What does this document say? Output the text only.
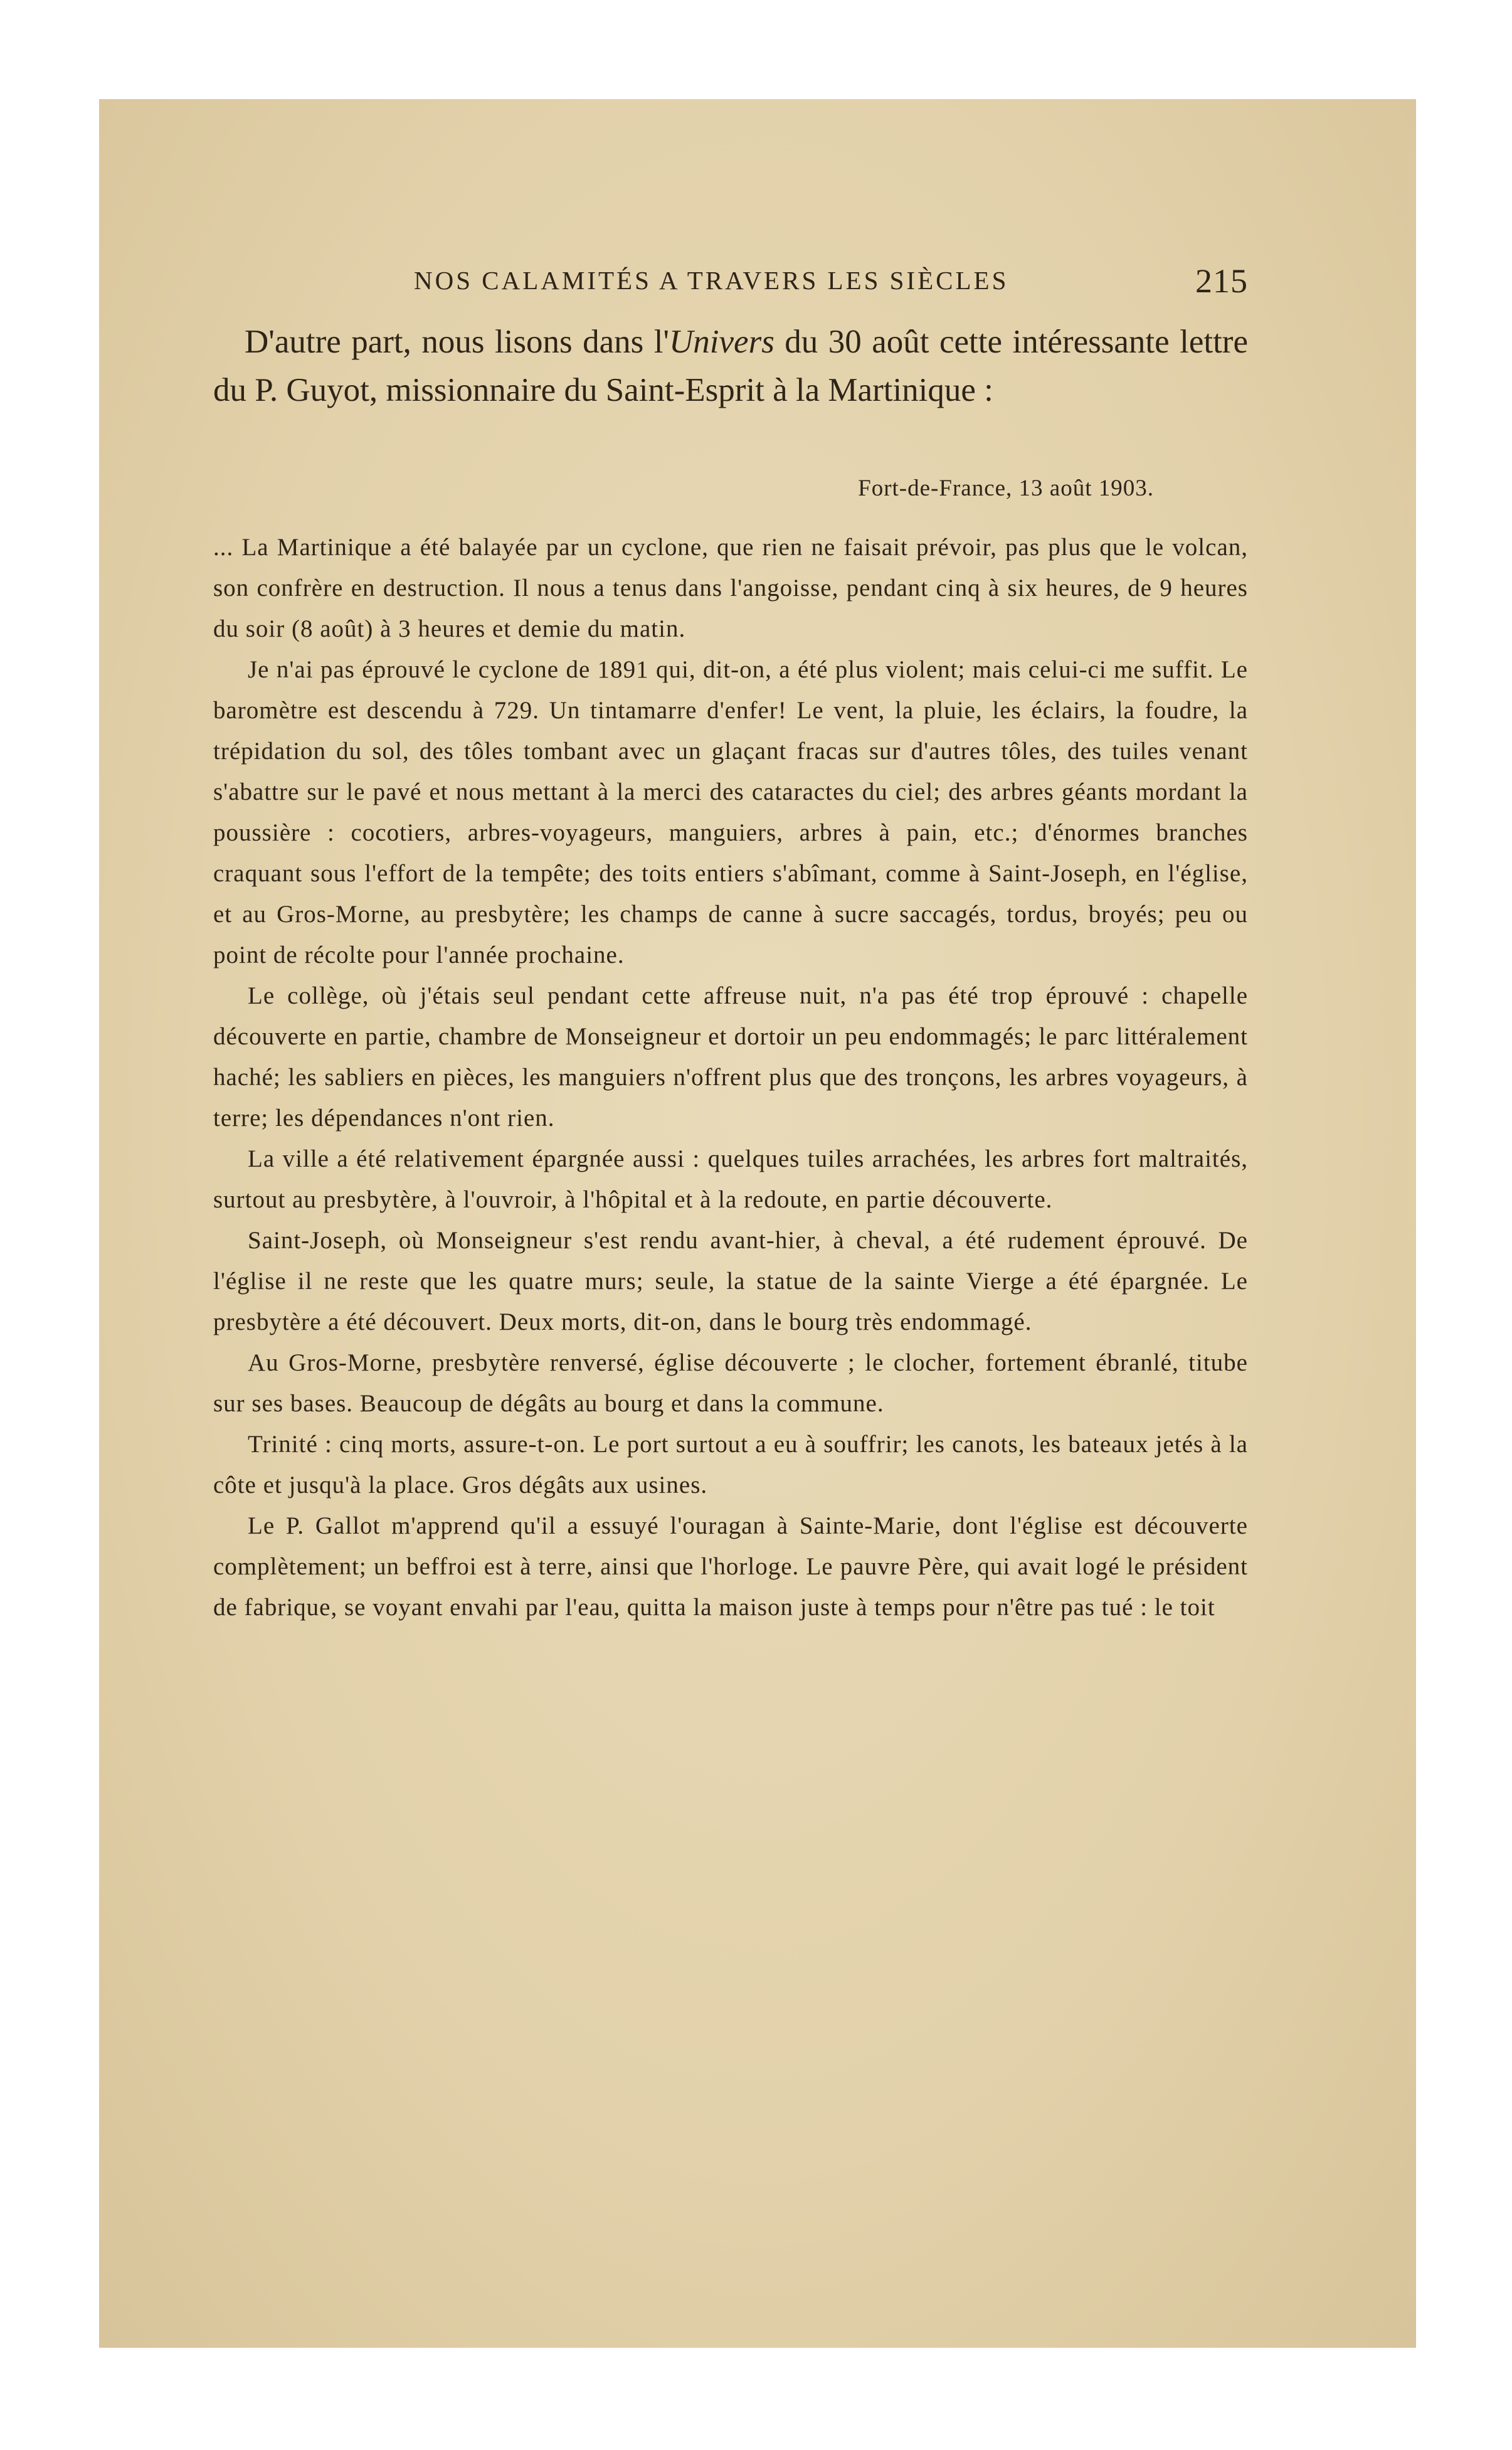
NOS CALAMITÉS A TRAVERS LES SIÈCLES	215
D'autre part, nous lisons dans l'Univers du 30 août cette intéressante lettre du P. Guyot, missionnaire du Saint-Esprit à la Martinique :
Fort-de-France, 13 août 1903.

... La Martinique a été balayée par un cyclone, que rien ne faisait prévoir, pas plus que le volcan, son confrère en destruction. Il nous a tenus dans l'angoisse, pendant cinq à six heures, de 9 heures du soir (8 août) à 3 heures et demie du matin.

Je n'ai pas éprouvé le cyclone de 1891 qui, dit-on, a été plus violent; mais celui-ci me suffit. Le baromètre est descendu à 729. Un tintamarre d'enfer! Le vent, la pluie, les éclairs, la foudre, la trépidation du sol, des tôles tombant avec un glaçant fracas sur d'autres tôles, des tuiles venant s'abattre sur le pavé et nous mettant à la merci des cataractes du ciel; des arbres géants mordant la poussière : cocotiers, arbres-voyageurs, manguiers, arbres à pain, etc.; d'énormes branches craquant sous l'effort de la tempête; des toits entiers s'abîmant, comme à Saint-Joseph, en l'église, et au Gros-Morne, au presbytère; les champs de canne à sucre saccagés, tordus, broyés; peu ou point de récolte pour l'année prochaine.

Le collège, où j'étais seul pendant cette affreuse nuit, n'a pas été trop éprouvé : chapelle découverte en partie, chambre de Monseigneur et dortoir un peu endommagés; le parc littéralement haché; les sabliers en pièces, les manguiers n'offrent plus que des tronçons, les arbres voyageurs, à terre; les dépendances n'ont rien.

La ville a été relativement épargnée aussi : quelques tuiles arrachées, les arbres fort maltraités, surtout au presbytère, à l'ouvroir, à l'hôpital et à la redoute, en partie découverte.

Saint-Joseph, où Monseigneur s'est rendu avant-hier, à cheval, a été rudement éprouvé. De l'église il ne reste que les quatre murs; seule, la statue de la sainte Vierge a été épargnée. Le presbytère a été découvert. Deux morts, dit-on, dans le bourg très endommagé.

Au Gros-Morne, presbytère renversé, église découverte ; le clocher, fortement ébranlé, titube sur ses bases. Beaucoup de dégâts au bourg et dans la commune.

Trinité : cinq morts, assure-t-on. Le port surtout a eu à souffrir; les canots, les bateaux jetés à la côte et jusqu'à la place. Gros dégâts aux usines.

Le P. Gallot m'apprend qu'il a essuyé l'ouragan à Sainte-Marie, dont l'église est découverte complètement; un beffroi est à terre, ainsi que l'horloge. Le pauvre Père, qui avait logé le président de fabrique, se voyant envahi par l'eau, quitta la maison juste à temps pour n'être pas tué : le toit
